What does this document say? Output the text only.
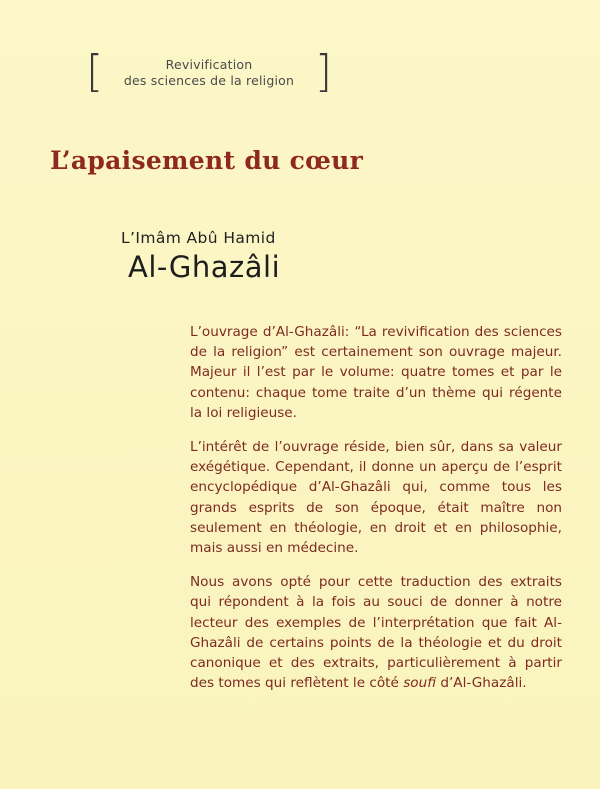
[	Revivification
des sciences de la religion ]
L’apaisement du cœur
L’Imâm Abû Hamid
Al-Ghazâli

L’ouvrage d’Al-Ghazâli: “La revivification des sciences de la religion” est certainement son ouvrage majeur. Majeur il l’est par le volume: quatre tomes et par le contenu: chaque tome traite d’un thème qui régente la loi religieuse.

L’intérêt de l’ouvrage réside, bien sûr, dans sa valeur exégétique. Cependant, il donne un aperçu de l’esprit encyclopédique d’Al-Ghazâli qui, comme tous les grands esprits de son époque, était maître non seulement en théologie, en droit et en philosophie, mais aussi en médecine.

Nous avons opté pour cette traduction des extraits qui répondent à la fois au souci de donner à notre lecteur des exemples de l’interprétation que fait Al-Ghazâli de certains points de la théologie et du droit canonique et des extraits, particulièrement à partir des tomes qui reflètent le côté soufi d’Al-Ghazâli.
